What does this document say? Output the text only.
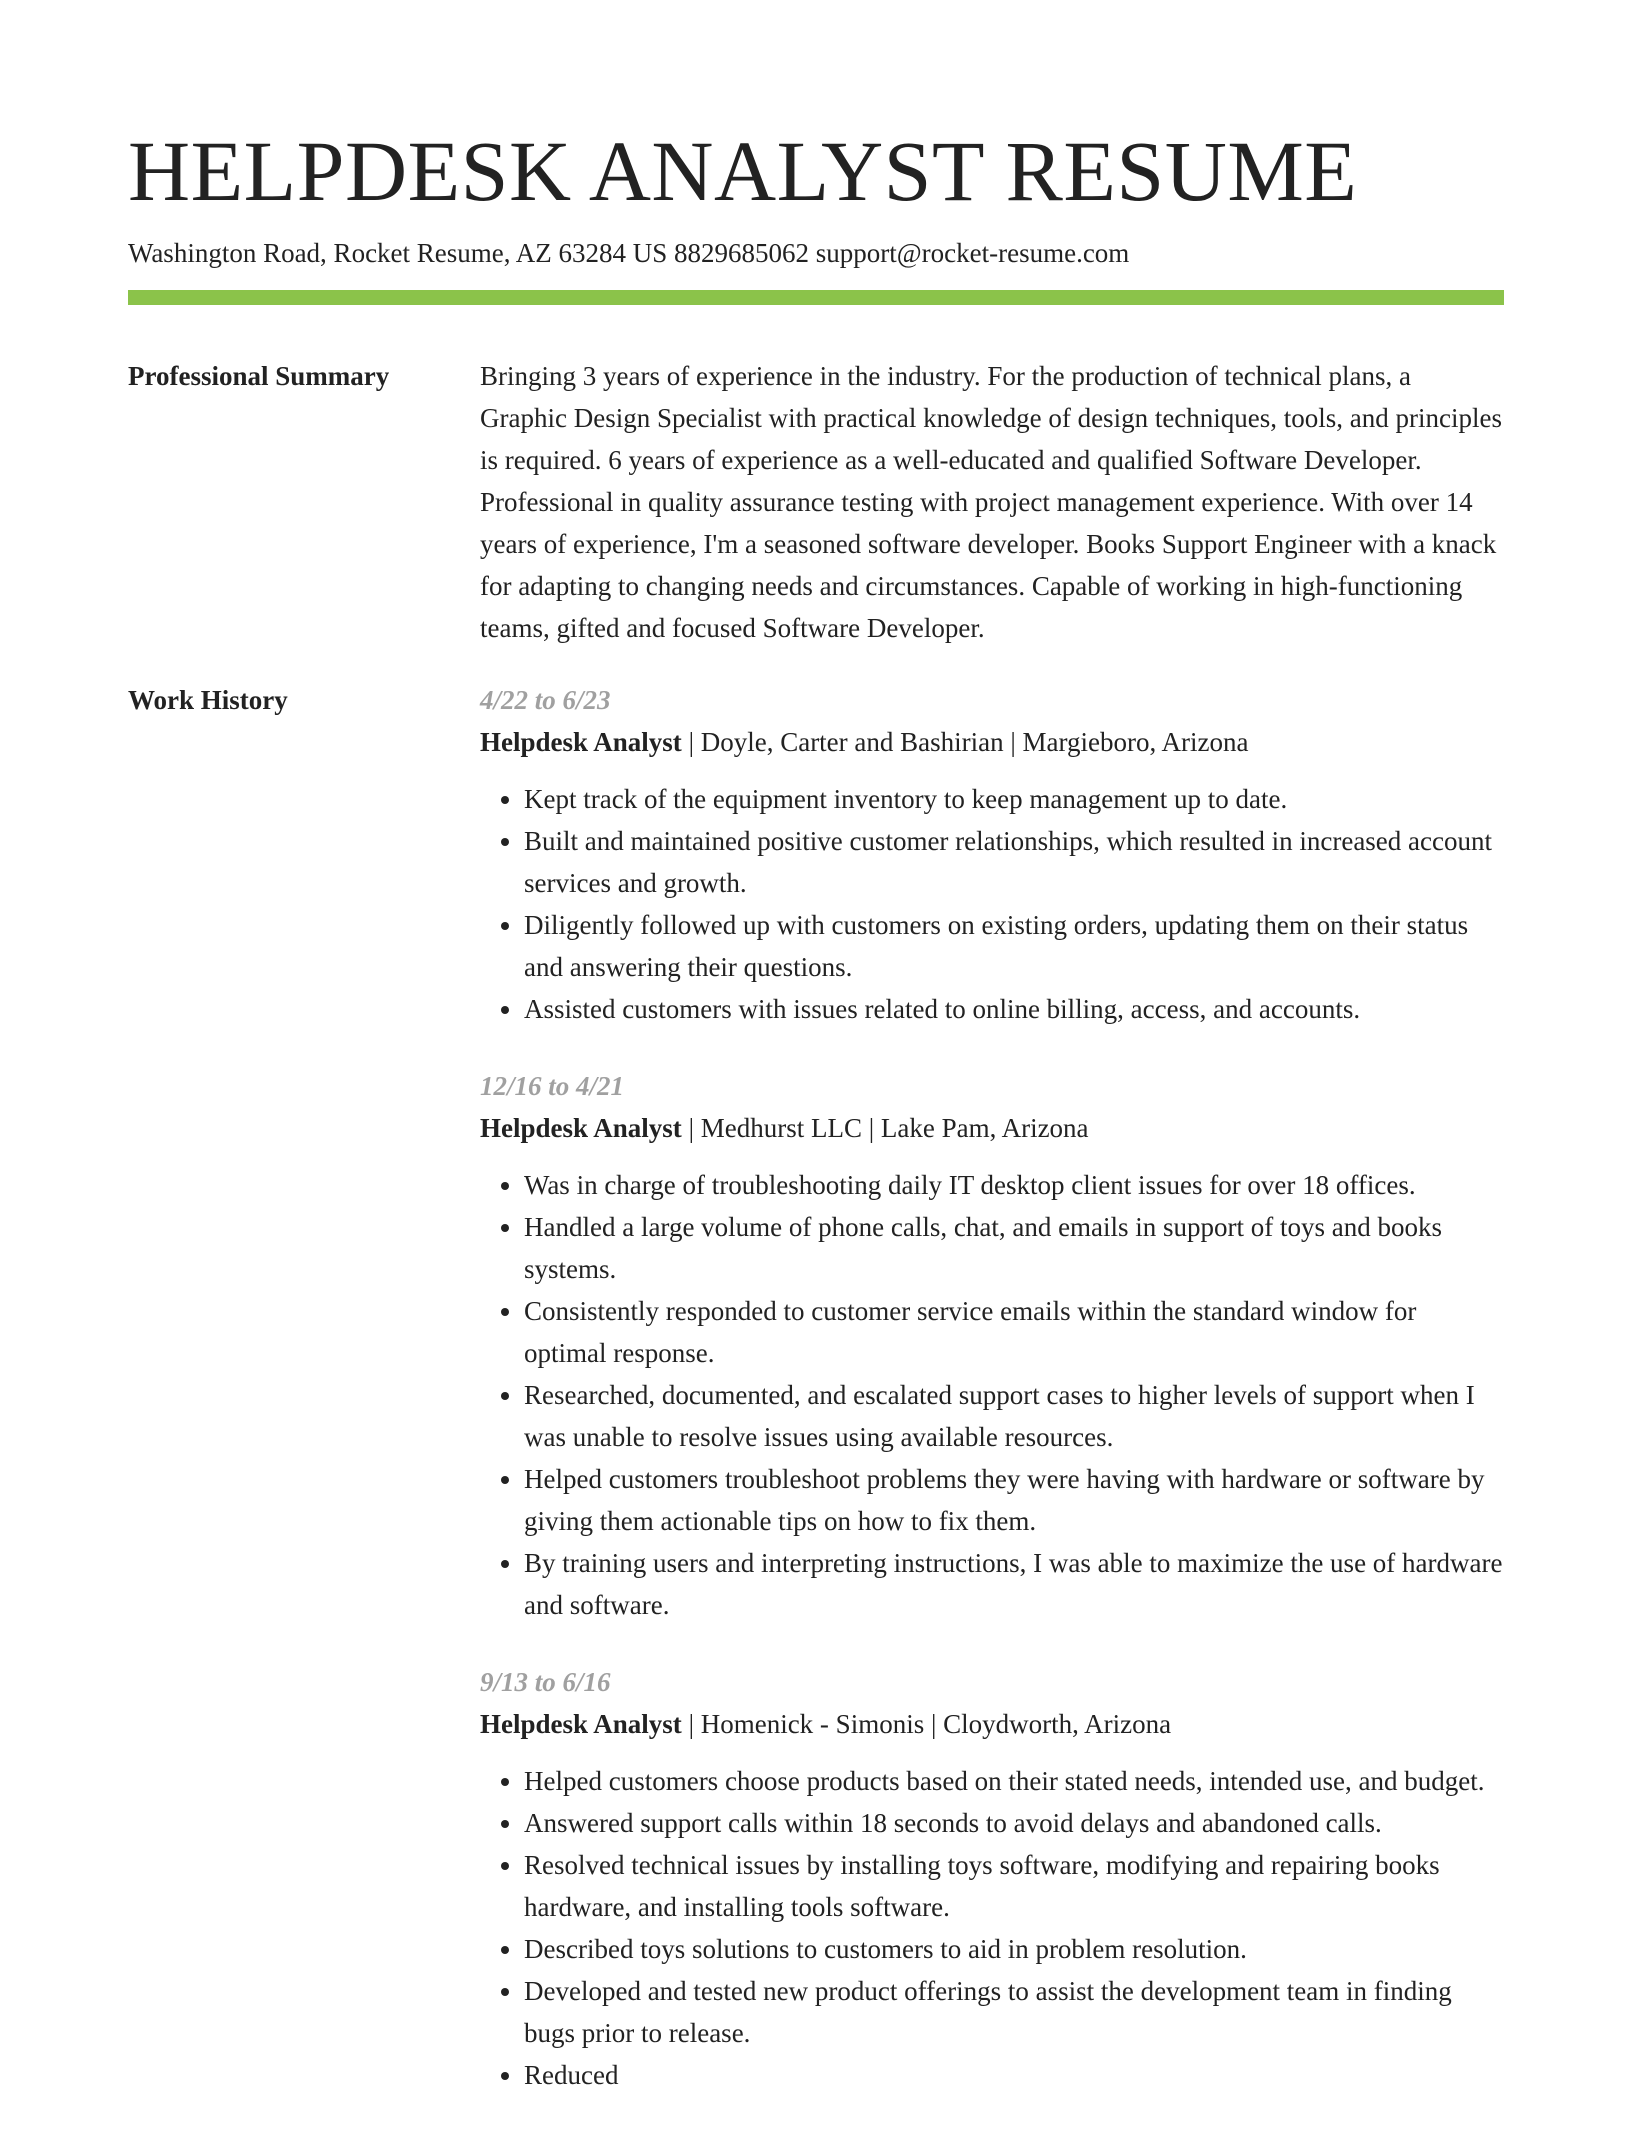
HELPDESK ANALYST RESUME
Washington Road, Rocket Resume, AZ 63284 US 8829685062 support@rocket-resume.com
Professional Summary	Bringing 3 years of experience in the industry. For the production of technical plans, a Graphic Design Specialist with practical knowledge of design techniques, tools, and principles is required. 6 years of experience as a well-educated and qualified Software Developer. Professional in quality assurance testing with project management experience. With over 14 years of experience, I'm a seasoned software developer. Books Support Engineer with a knack for adapting to changing needs and circumstances. Capable of working in high-functioning teams, gifted and focused Software Developer.
Work History	4/22 to 6/23
Helpdesk Analyst | Doyle, Carter and Bashirian | Margieboro, Arizona
• Kept track of the equipment inventory to keep management up to date.
• Built and maintained positive customer relationships, which resulted in increased account services and growth.
• Diligently followed up with customers on existing orders, updating them on their status and answering their questions.
• Assisted customers with issues related to online billing, access, and accounts.
12/16 to 4/21
Helpdesk Analyst | Medhurst LLC | Lake Pam, Arizona
• Was in charge of troubleshooting daily IT desktop client issues for over 18 offices.
• Handled a large volume of phone calls, chat, and emails in support of toys and books systems.
• Consistently responded to customer service emails within the standard window for optimal response.
• Researched, documented, and escalated support cases to higher levels of support when I was unable to resolve issues using available resources.
• Helped customers troubleshoot problems they were having with hardware or software by giving them actionable tips on how to fix them.
• By training users and interpreting instructions, I was able to maximize the use of hardware and software.
9/13 to 6/16
Helpdesk Analyst | Homenick - Simonis | Cloydworth, Arizona
• Helped customers choose products based on their stated needs, intended use, and budget.
• Answered support calls within 18 seconds to avoid delays and abandoned calls.
• Resolved technical issues by installing toys software, modifying and repairing books hardware, and installing tools software.
• Described toys solutions to customers to aid in problem resolution.
• Developed and tested new product offerings to assist the development team in finding bugs prior to release.
• Reduced
